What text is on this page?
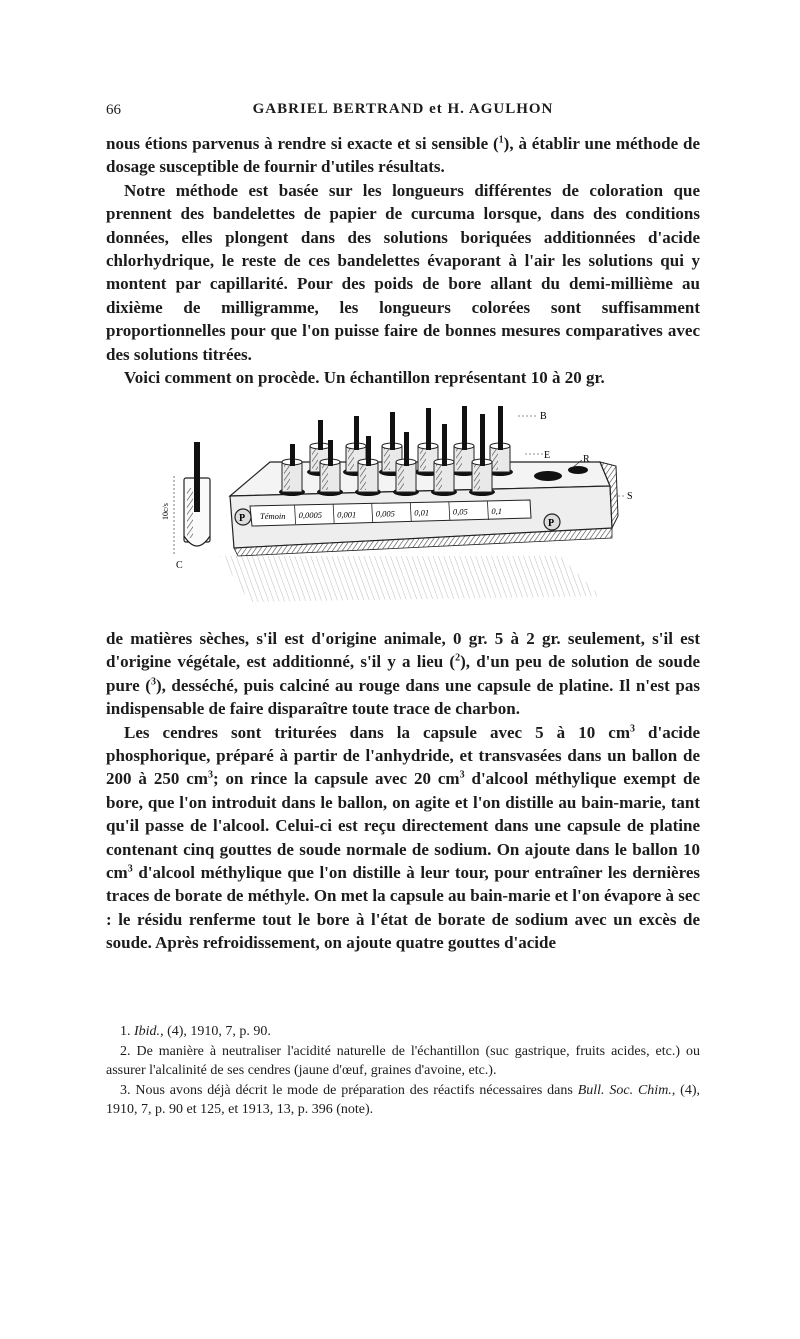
66	GABRIEL BERTRAND et H. AGULHON

nous étions parvenus à rendre si exacte et si sensible ($^1$), à établir une méthode de dosage susceptible de fournir d'utiles résultats.

Notre méthode est basée sur les longueurs différentes de coloration que prennent des bandelettes de papier de curcuma lorsque, dans des conditions données, elles plongent dans des solutions boriquées additionnées d'acide chlorhydrique, le reste de ces bandelettes évaporant à l'air les solutions qui y montent par capillarité. Pour des poids de bore allant du demi-millième au dixième de milligramme, les longueurs colorées sont suffisamment proportionnelles pour que l'on puisse faire de bonnes mesures comparatives avec des solutions titrées.

Voici comment on procède. Un échantillon représentant 10 à 20 gr.

Témoin 0,0005 0,001 0,005 0,01	0,05	0,1
P	P
10c/s
C
B
E	R
S

de matières sèches, s'il est d'origine animale, 0 gr. 5 à 2 gr. seulement, s'il est d'origine végétale, est additionné, s'il y a lieu ($^2$), d'un peu de solution de soude pure ($^3$), desséché, puis calciné au rouge dans une capsule de platine. Il n'est pas indispensable de faire disparaître toute trace de charbon.

Les cendres sont triturées dans la capsule avec 5 à 10 $cm^3$ d'acide phosphorique, préparé à partir de l'anhydride, et transvasées dans un ballon de 200 à 250 $cm^3$; on rince la capsule avec 20 $cm^3$ d'alcool méthylique exempt de bore, que l'on introduit dans le ballon, on agite et l'on distille au bain-marie, tant qu'il passe de l'alcool. Celui-ci est reçu directement dans une capsule de platine contenant cinq gouttes de soude normale de sodium. On ajoute dans le ballon 10 $cm^3$ d'alcool méthylique que l'on distille à leur tour, pour entraîner les dernières traces de borate de méthyle. On met la capsule au bain-marie et l'on évapore à sec : le résidu renferme tout le bore à l'état de borate de sodium avec un excès de soude. Après refroidissement, on ajoute quatre gouttes d'acide

1. Ibid., (4), 1910, 7, p. 90.

2. De manière à neutraliser l'acidité naturelle de l'échantillon (suc gastrique, fruits acides, etc.) ou assurer l'alcalinité de ses cendres (jaune d'œuf, graines d'avoine, etc.).

3. Nous avons déjà décrit le mode de préparation des réactifs nécessaires dans Bull. Soc. Chim., (4), 1910, 7, p. 90 et 125, et 1913, 13, p. 396 (note).
